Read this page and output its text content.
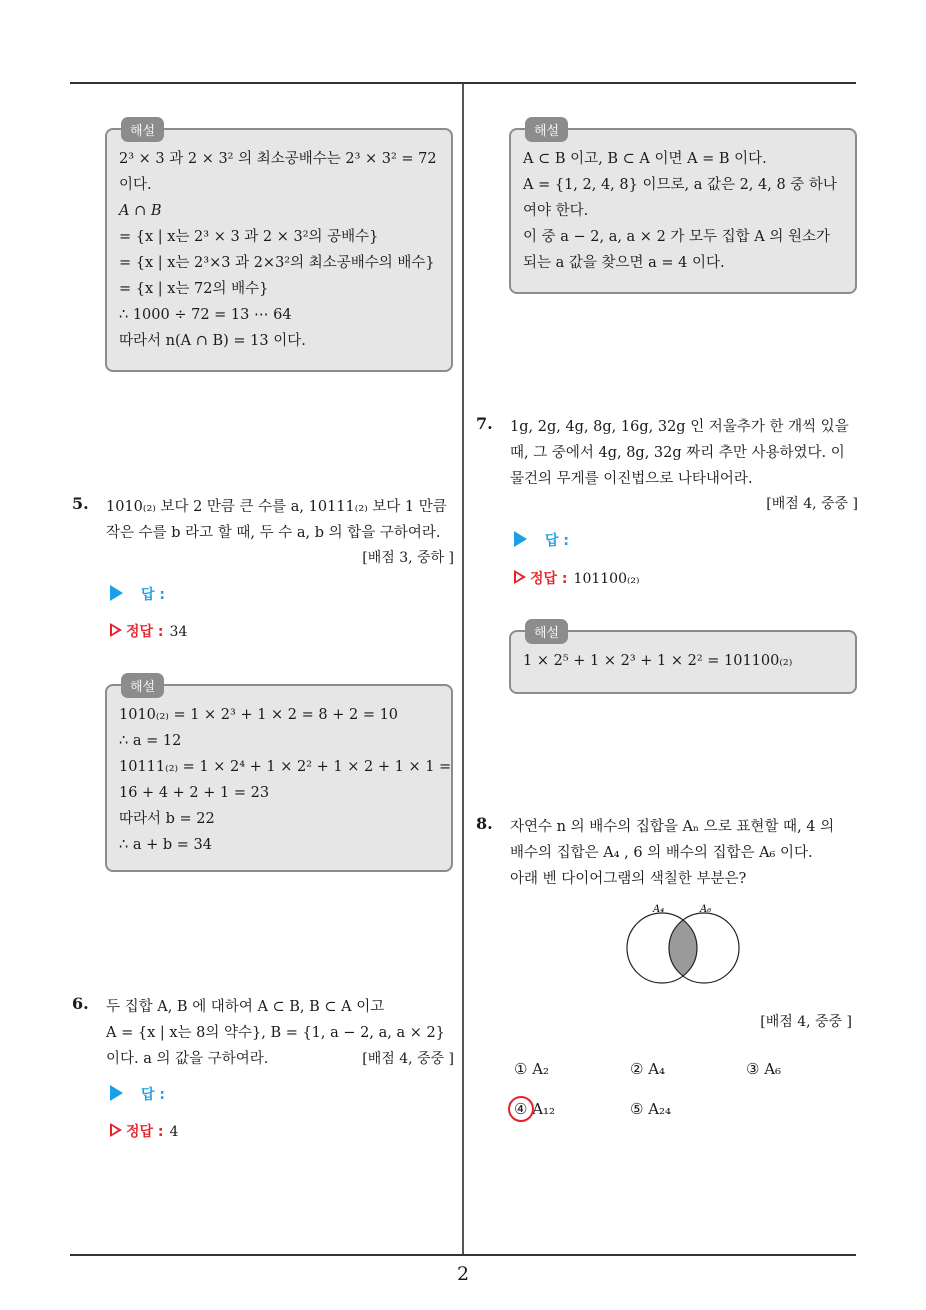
2
해설
2³ × 3 과 2 × 3² 의 최소공배수는 2³ × 3² = 72
이다.
A ∩ B
= {x | x는 2³ × 3 과 2 × 3²의 공배수}
= {x | x는 2³×3 과 2×3²의 최소공배수의 배수}
= {x | x는 72의 배수}
∴ 1000 ÷ 72 = 13 ⋯ 64
따라서 n(A ∩ B) = 13 이다.
5. 1010₍₂₎ 보다 2 만큼 큰 수를 a, 10111₍₂₎ 보다 1 만큼
작은 수를 b 라고 할 때, 두 수 a, b 의 합을 구하여라.
[배점 3, 중하 ]
답 :
정답 : 34
해설
1010₍₂₎ = 1 × 2³ + 1 × 2 = 8 + 2 = 10
∴ a = 12
10111₍₂₎ = 1 × 2⁴ + 1 × 2² + 1 × 2 + 1 × 1 =
16 + 4 + 2 + 1 = 23
따라서 b = 22
∴ a + b = 34
6. 두 집합 A, B 에 대하여 A ⊂ B, B ⊂ A 이고
A = {x | x는 8의 약수}, B = {1, a − 2, a, a × 2}
이다. a 의 값을 구하여라.	[배점 4, 중중 ]
답 :
정답 : 4
해설
A ⊂ B 이고, B ⊂ A 이면 A = B 이다.
A = {1, 2, 4, 8} 이므로, a 값은 2, 4, 8 중 하나
여야 한다.
이 중 a − 2, a, a × 2 가 모두 집합 A 의 원소가
되는 a 값을 찾으면 a = 4 이다.
7. 1g, 2g, 4g, 8g, 16g, 32g 인 저울추가 한 개씩 있을
때, 그 중에서 4g, 8g, 32g 짜리 추만 사용하였다. 이
물건의 무게를 이진법으로 나타내어라.
[배점 4, 중중 ]
답 :
정답 : 101100₍₂₎
해설
1 × 2⁵ + 1 × 2³ + 1 × 2² = 101100₍₂₎
8. 자연수 n 의 배수의 집합을 Aₙ 으로 표현할 때, 4 의
배수의 집합은 A₄ , 6 의 배수의 집합은 A₆ 이다.
아래 벤 다이어그램의 색칠한 부분은?
A₄	A₆
[배점 4, 중중 ]
① A₂	② A₄	③ A₆
④ A₁₂	⑤ A₂₄
